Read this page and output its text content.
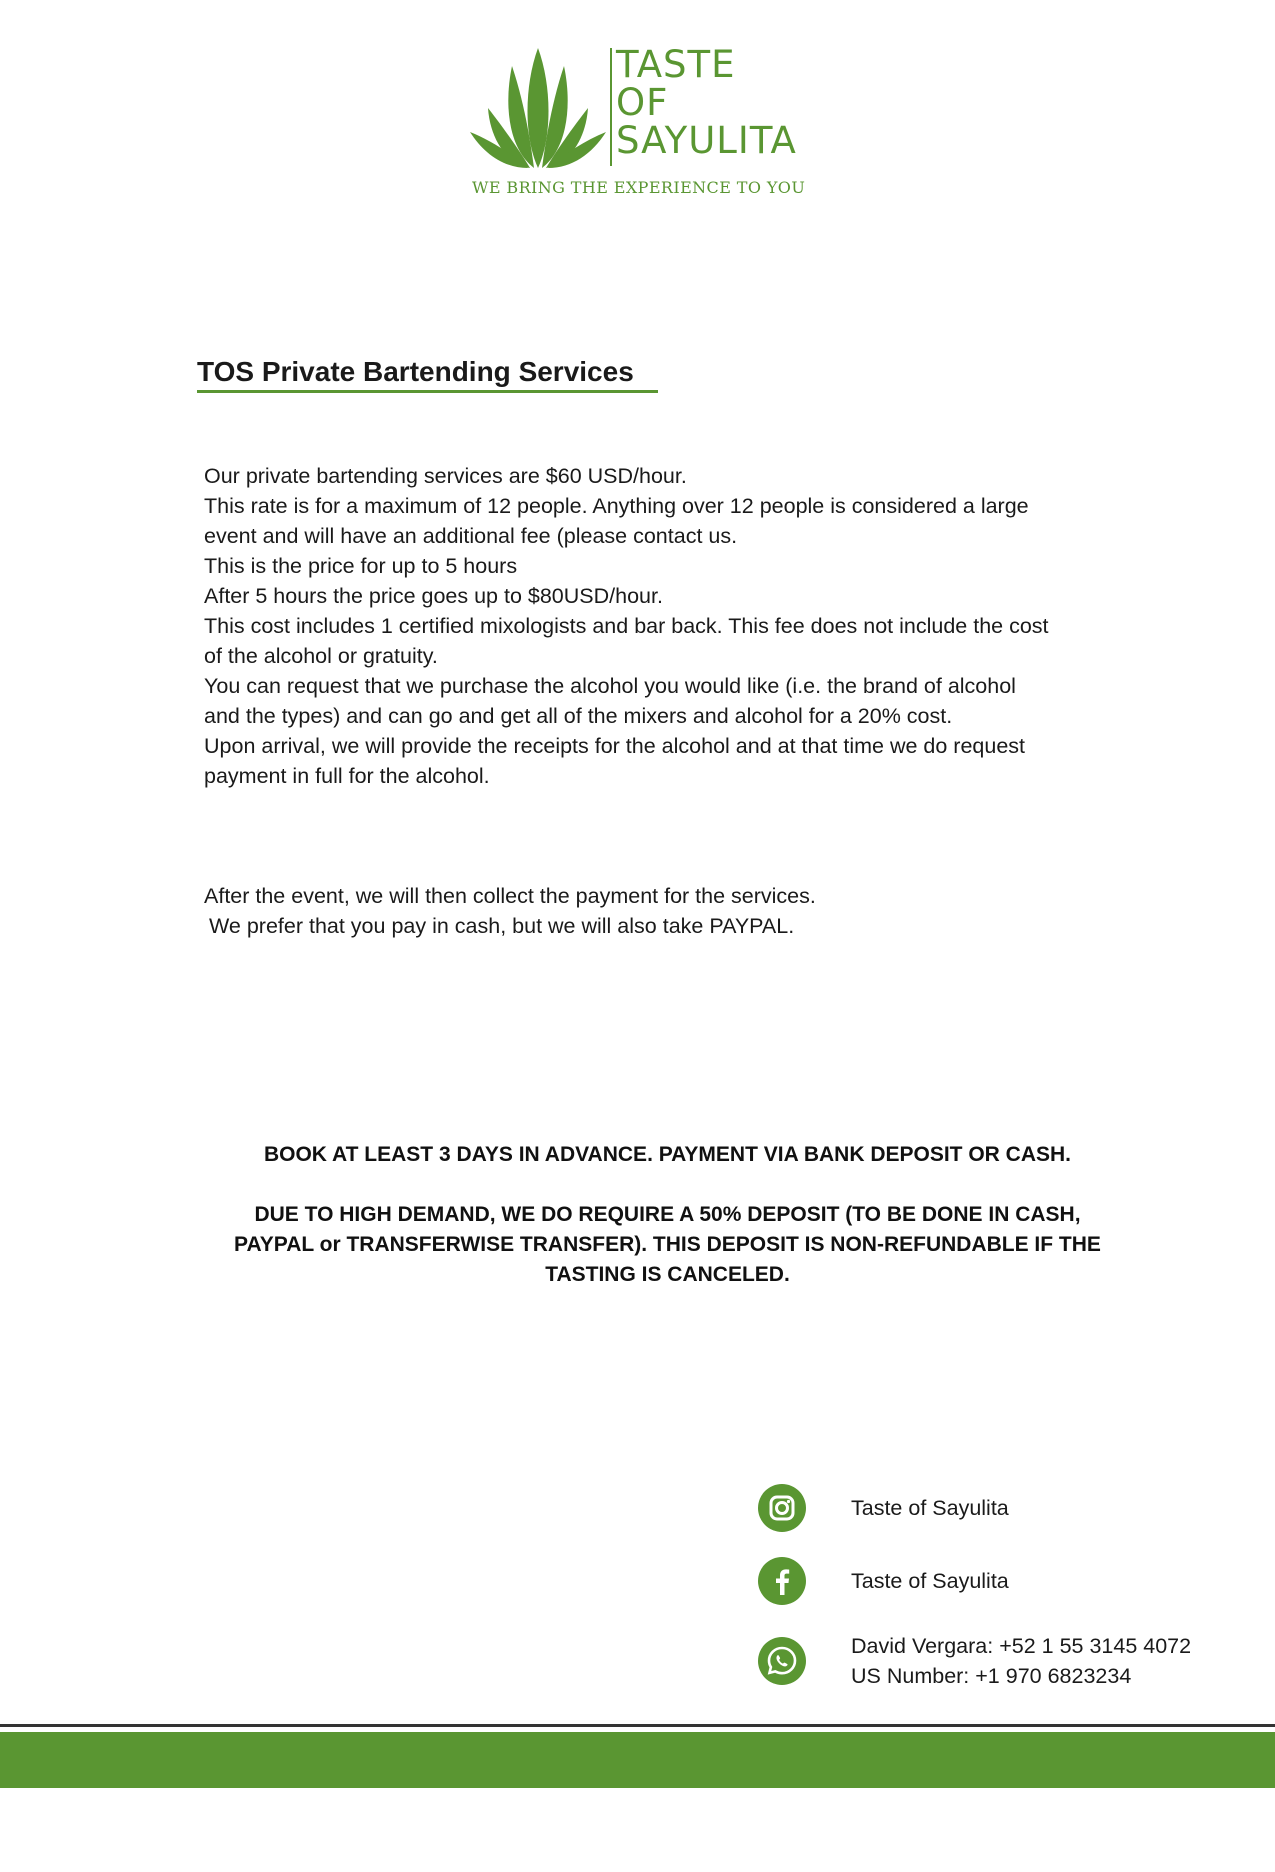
TASTE
OF
SAYULITA
WE BRING THE EXPERIENCE TO YOU
TOS Private Bartending Services
Our private bartending services are $60 USD/hour.
This rate is for a maximum of 12 people. Anything over 12 people is considered a large
event and will have an additional fee (please contact us.
This is the price for up to 5 hours
After 5 hours the price goes up to $80USD/hour.
This cost includes 1 certified mixologists and bar back. This fee does not include the cost
of the alcohol or gratuity.
You can request that we purchase the alcohol you would like (i.e. the brand of alcohol
and the types) and can go and get all of the mixers and alcohol for a 20% cost.
Upon arrival, we will provide the receipts for the alcohol and at that time we do request
payment in full for the alcohol.
After the event, we will then collect the payment for the services.
We prefer that you pay in cash, but we will also take PAYPAL.
BOOK AT LEAST 3 DAYS IN ADVANCE. PAYMENT VIA BANK DEPOSIT OR CASH.
DUE TO HIGH DEMAND, WE DO REQUIRE A 50% DEPOSIT (TO BE DONE IN CASH,
PAYPAL or TRANSFERWISE TRANSFER). THIS DEPOSIT IS NON-REFUNDABLE IF THE
TASTING IS CANCELED.
Taste of Sayulita
Taste of Sayulita
David Vergara: +52 1 55 3145 4072
US Number: +1 970 6823234
